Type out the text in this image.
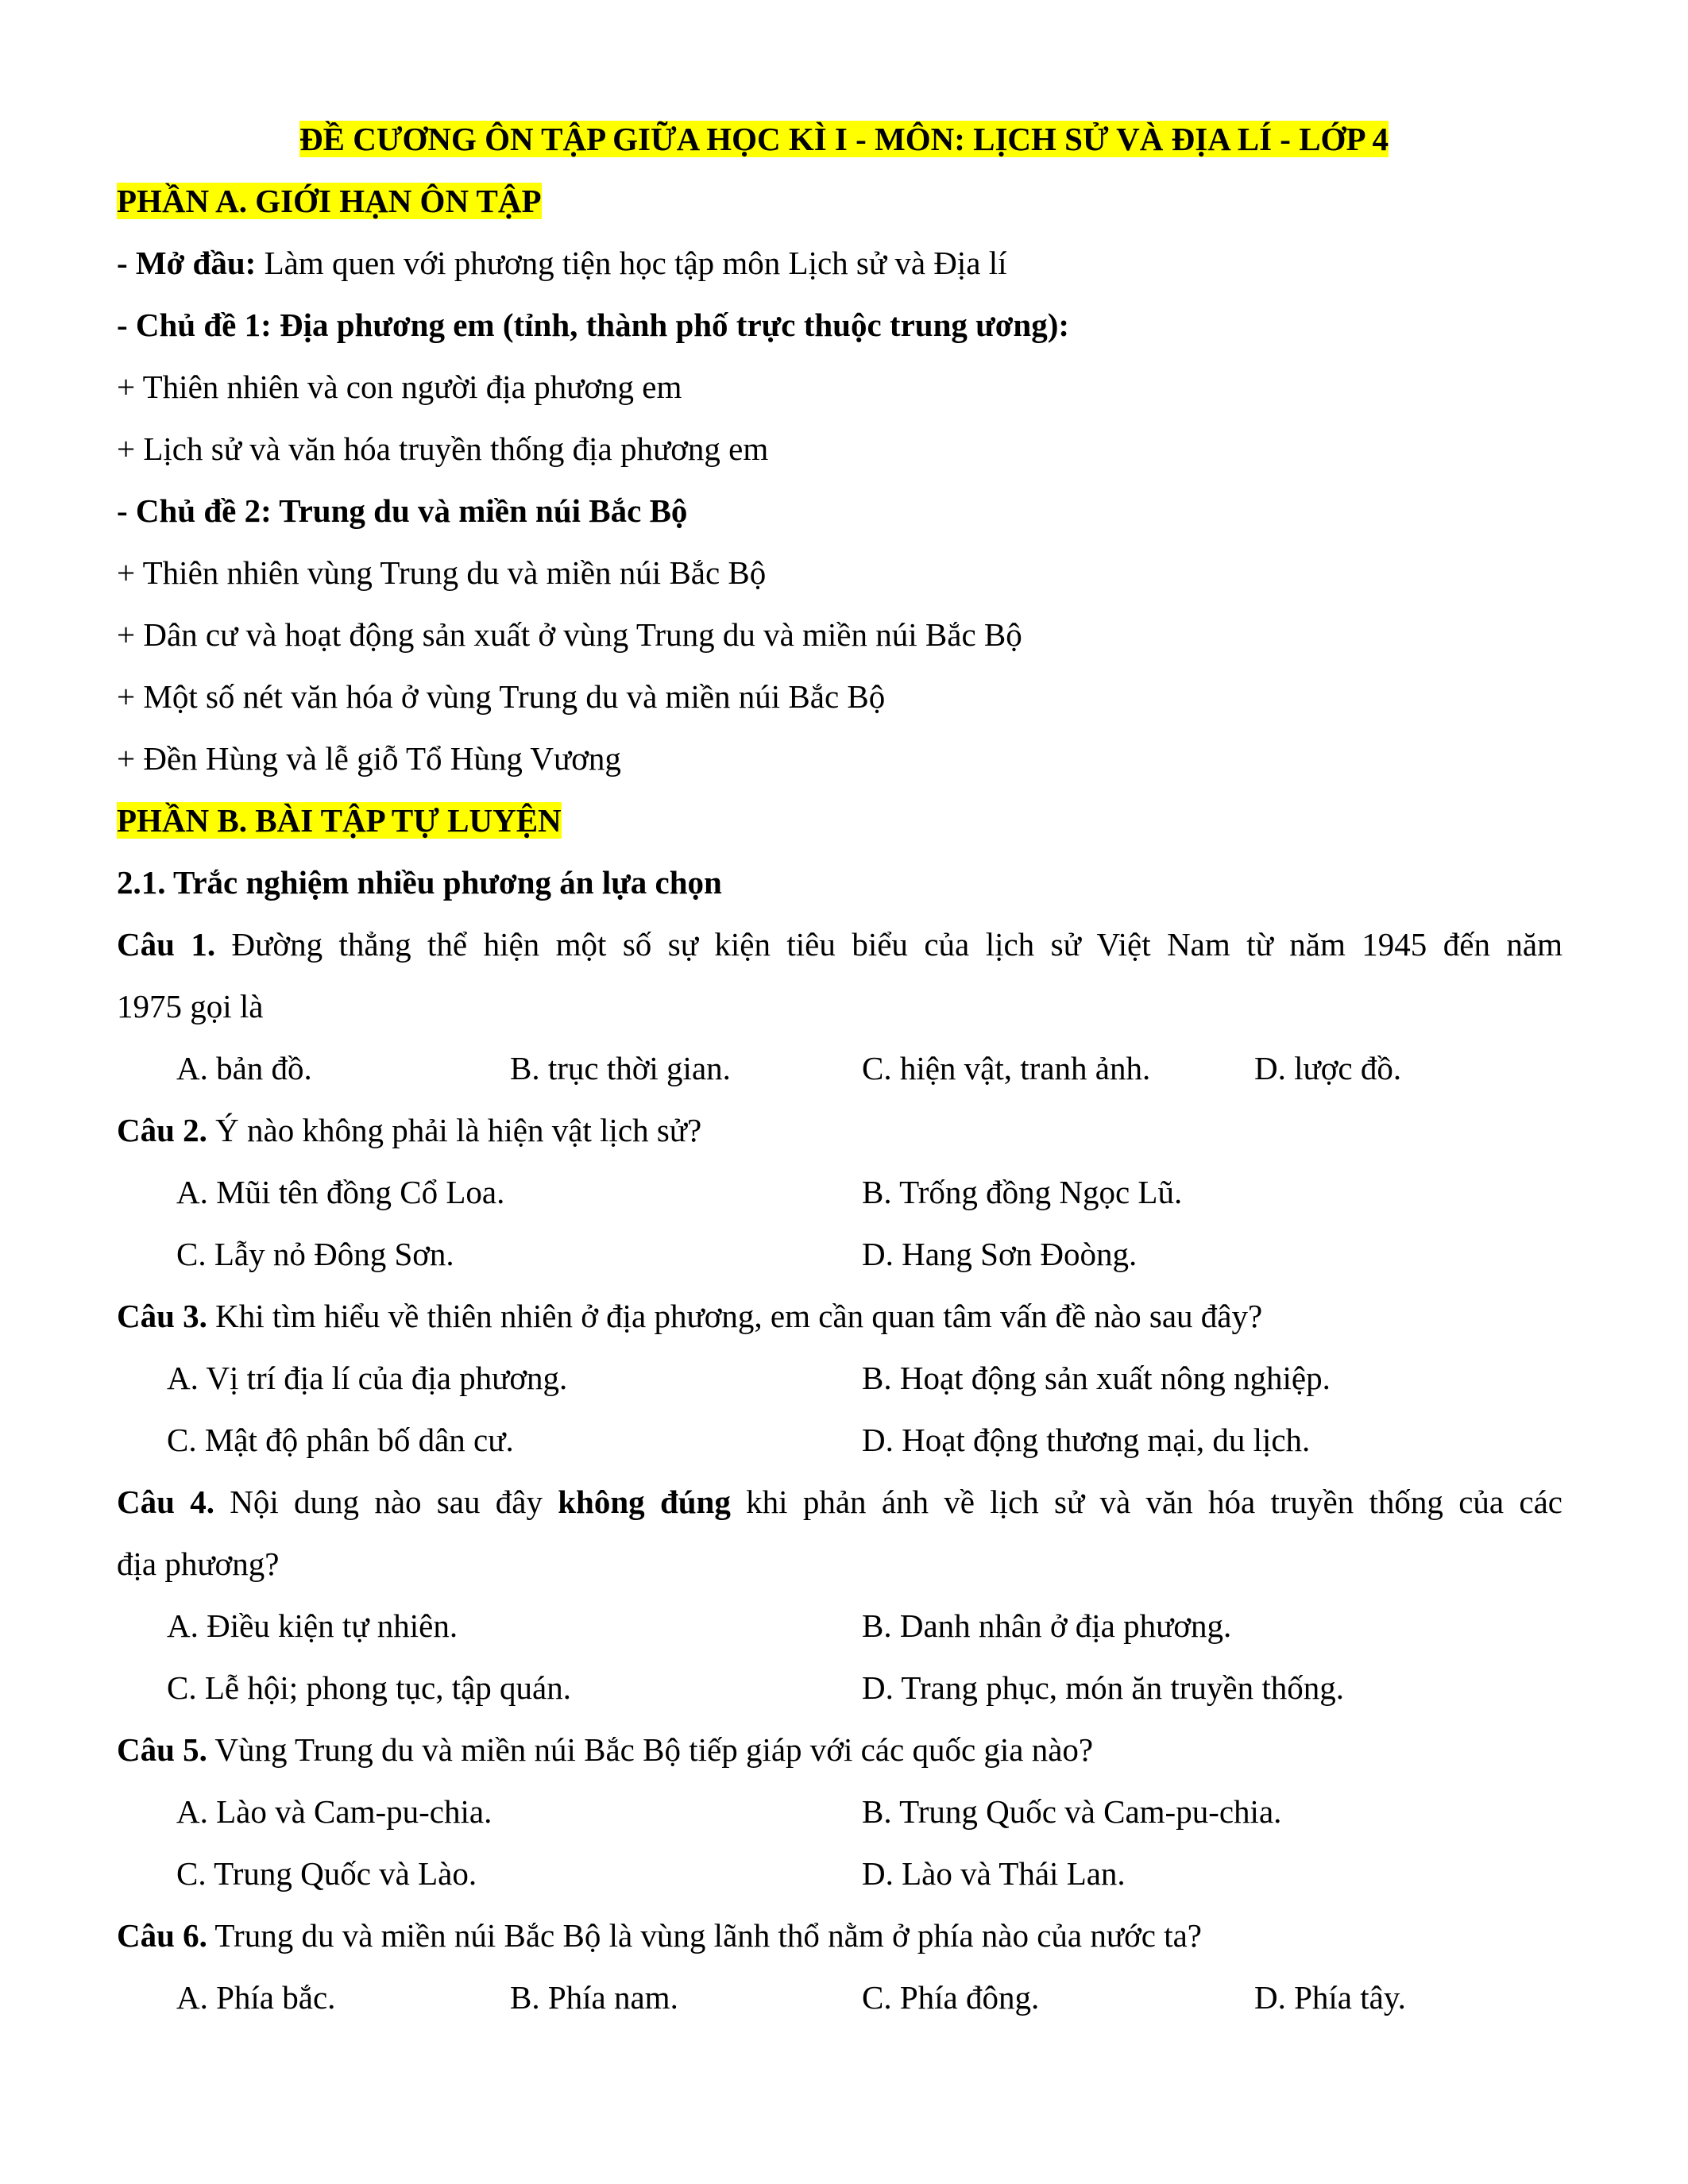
ĐỀ CƯƠNG ÔN TẬP GIỮA HỌC KÌ I - MÔN: LỊCH SỬ VÀ ĐỊA LÍ - LỚP 4
PHẦN A. GIỚI HẠN ÔN TẬP
- Mở đầu: Làm quen với phương tiện học tập môn Lịch sử và Địa lí
- Chủ đề 1: Địa phương em (tỉnh, thành phố trực thuộc trung ương):
+ Thiên nhiên và con người địa phương em
+ Lịch sử và văn hóa truyền thống địa phương em
- Chủ đề 2: Trung du và miền núi Bắc Bộ
+ Thiên nhiên vùng Trung du và miền núi Bắc Bộ
+ Dân cư và hoạt động sản xuất ở vùng Trung du và miền núi Bắc Bộ
+ Một số nét văn hóa ở vùng Trung du và miền núi Bắc Bộ
+ Đền Hùng và lễ giỗ Tổ Hùng Vương
PHẦN B. BÀI TẬP TỰ LUYỆN
2.1. Trắc nghiệm nhiều phương án lựa chọn
Câu 1. Đường thẳng thể hiện một số sự kiện tiêu biểu của lịch sử Việt Nam từ năm 1945 đến năm
1975 gọi là
A. bản đồ.	B. trục thời gian.	C. hiện vật, tranh ảnh.	D. lược đồ.
Câu 2. Ý nào không phải là hiện vật lịch sử?
A. Mũi tên đồng Cổ Loa.	B. Trống đồng Ngọc Lũ.
C. Lẫy nỏ Đông Sơn.	D. Hang Sơn Đoòng.
Câu 3. Khi tìm hiểu về thiên nhiên ở địa phương, em cần quan tâm vấn đề nào sau đây?
A. Vị trí địa lí của địa phương.	B. Hoạt động sản xuất nông nghiệp.
C. Mật độ phân bố dân cư.	D. Hoạt động thương mại, du lịch.
Câu 4. Nội dung nào sau đây không đúng khi phản ánh về lịch sử và văn hóa truyền thống của các
địa phương?
A. Điều kiện tự nhiên.	B. Danh nhân ở địa phương.
C. Lễ hội; phong tục, tập quán.	D. Trang phục, món ăn truyền thống.
Câu 5. Vùng Trung du và miền núi Bắc Bộ tiếp giáp với các quốc gia nào?
A. Lào và Cam-pu-chia.	B. Trung Quốc và Cam-pu-chia.
C. Trung Quốc và Lào.	D. Lào và Thái Lan.
Câu 6. Trung du và miền núi Bắc Bộ là vùng lãnh thổ nằm ở phía nào của nước ta?
A. Phía bắc.	B. Phía nam.	C. Phía đông.	D. Phía tây.
